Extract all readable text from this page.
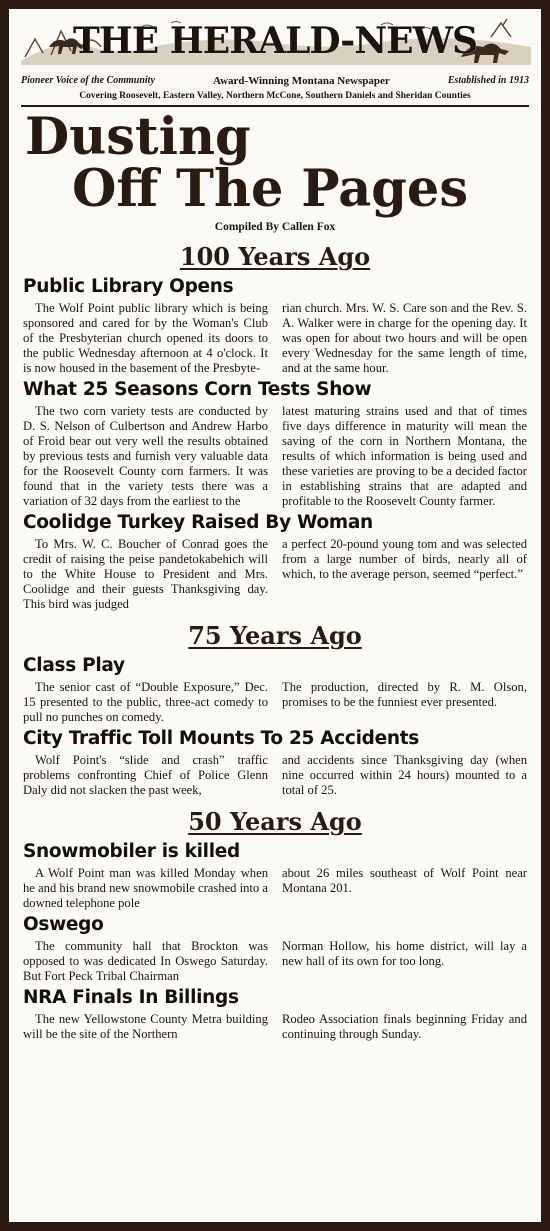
THE HERALD-NEWS
Pioneer Voice of the Community	Award-Winning Montana Newspaper	Established in 1913
Covering Roosevelt, Eastern Valley, Northern McCone, Southern Daniels and Sheridan Counties
Dusting
Off The Pages
Compiled By Callen Fox
100 Years Ago
Public Library Opens

The Wolf Point public library which is being sponsored and cared for by the Woman's Club of the Presbyterian church opened its doors to the public Wednesday afternoon at 4 o'clock. It is now housed in the basement of the Presbyte-

rian church. Mrs. W. S. Care son and the Rev. S. A. Walker were in charge for the opening day. It was open for about two hours and will be open every Wednesday for the same length of time, and at the same hour.

What 25 Seasons Corn Tests Show

The two corn variety tests are conducted by D. S. Nelson of Culbertson and Andrew Harbo of Froid bear out very well the results obtained by previous tests and furnish very valuable data for the Roosevelt County corn farmers. It was found that in the variety tests there was a variation of 32 days from the earliest to the

latest maturing strains used and that of times five days difference in maturity will mean the saving of the corn in Northern Montana, the results of which information is being used and these varieties are proving to be a decided factor in establishing strains that are adapted and profitable to the Roosevelt County farmer.

Coolidge Turkey Raised By Woman

To Mrs. W. C. Boucher of Conrad goes the credit of raising the peise pandetokabehich will to the White House to President and Mrs. Coolidge and their guests Thanksgiving day. This bird was judged

a perfect 20-pound young tom and was selected from a large number of birds, nearly all of which, to the average person, seemed “perfect.”

75 Years Ago
Class Play

The senior cast of “Double Exposure,” Dec. 15 presented to the public, three-act comedy to pull no punches on comedy.

The production, directed by R. M. Olson, promises to be the funniest ever presented.

City Traffic Toll Mounts To 25 Accidents

Wolf Point's “slide and crash” traffic problems confronting Chief of Police Glenn Daly did not slacken the past week,

and accidents since Thanksgiving day (when nine occurred within 24 hours) mounted to a total of 25.

50 Years Ago
Snowmobiler is killed

A Wolf Point man was killed Monday when he and his brand new snowmobile crashed into a downed telephone pole

about 26 miles southeast of Wolf Point near Montana 201.

Oswego

The community hall that Brockton was opposed to was dedicated In Oswego Saturday. But Fort Peck Tribal Chairman

Norman Hollow, his home district, will lay a new hall of its own for too long.

NRA Finals In Billings

The new Yellowstone County Metra building will be the site of the Northern

Rodeo Association finals beginning Friday and continuing through Sunday.
